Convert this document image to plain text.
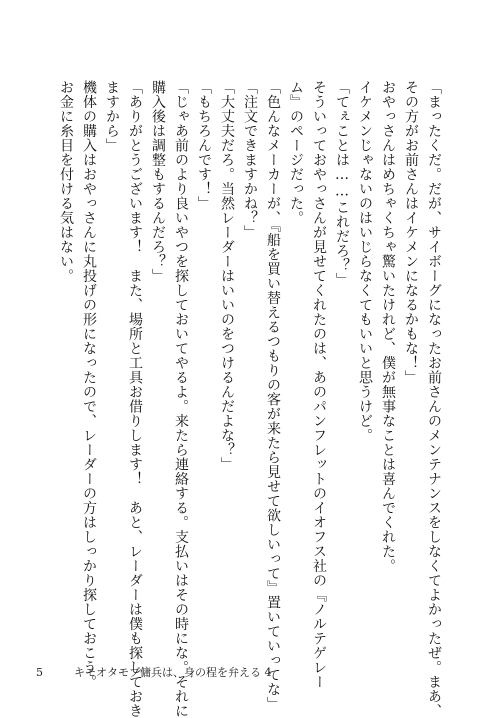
「まったくだ。だが、サイボーグになったお前さんのメンテナンスをしなくてよかったぜ。まあ、

その方がお前さんはイケメンになるかもな！」

おやっさんはめちゃくちゃ驚いたけれど、僕が無事なことは喜んでくれた。

イケメンじゃないのはいじらなくてもいいと思うけど。

「てぇことは……これだろ？」

そういっておやっさんが見せてくれたのは、あのパンフレットのイオフス社の『ノルテゲレー

ム』のページだった。

「色んなメーカーが、『船を買い替えるつもりの客が来たら見せて欲しいって』置いていってな」

「注文できますかね？」

「大丈夫だろ。当然レーダーはいいのをつけるんだよな？」

「もちろんです！」

「じゃあ前のより良いやつを探しておいてやるよ。来たら連絡する。支払いはその時にな。それに

購入後は調整もするんだろ？」

「ありがとうございます！　また、場所と工具お借りします！　あと、レーダーは僕も探しておき

ますから」

機体の購入はおやっさんに丸投げの形になったので、レーダーの方はしっかり探しておこう。

お金に糸目を付ける気はない。

5	キモオタモブ傭兵は、身の程を弁える 4
